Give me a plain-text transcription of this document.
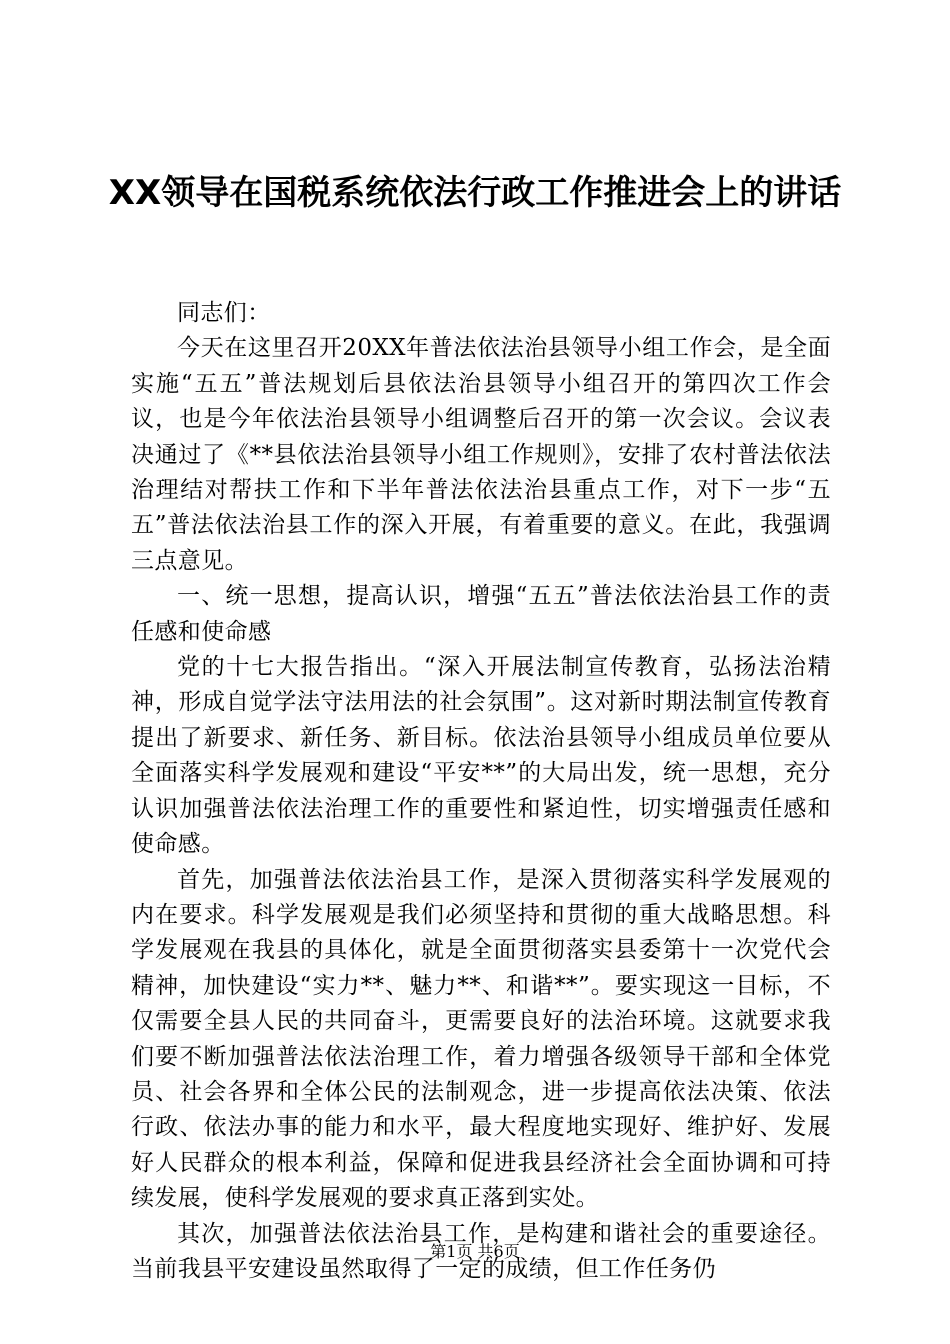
XX领导在国税系统依法行政工作推进会上的讲话

同志们：

今天在这里召开20XX年普法依法治县领导小组工作会，是全面实施“五五”普法规划后县依法治县领导小组召开的第四次工作会议，也是今年依法治县领导小组调整后召开的第一次会议。会议表决通过了《**县依法治县领导小组工作规则》，安排了农村普法依法治理结对帮扶工作和下半年普法依法治县重点工作，对下一步“五五”普法依法治县工作的深入开展，有着重要的意义。在此，我强调三点意见。

一、统一思想，提高认识，增强“五五”普法依法治县工作的责任感和使命感

党的十七大报告指出。“深入开展法制宣传教育，弘扬法治精神，形成自觉学法守法用法的社会氛围”。这对新时期法制宣传教育提出了新要求、新任务、新目标。依法治县领导小组成员单位要从全面落实科学发展观和建设“平安**”的大局出发，统一思想，充分认识加强普法依法治理工作的重要性和紧迫性，切实增强责任感和使命感。

首先，加强普法依法治县工作，是深入贯彻落实科学发展观的内在要求。科学发展观是我们必须坚持和贯彻的重大战略思想。科学发展观在我县的具体化，就是全面贯彻落实县委第十一次党代会精神，加快建设“实力**、魅力**、和谐**”。要实现这一目标，不仅需要全县人民的共同奋斗，更需要良好的法治环境。这就要求我们要不断加强普法依法治理工作，着力增强各级领导干部和全体党员、社会各界和全体公民的法制观念，进一步提高依法决策、依法行政、依法办事的能力和水平，最大程度地实现好、维护好、发展好人民群众的根本利益，保障和促进我县经济社会全面协调和可持续发展，使科学发展观的要求真正落到实处。

其次，加强普法依法治县工作，是构建和谐社会的重要途径。当前我县平安建设虽然取得了一定的成绩，但工作任务仍

第1页 共6页
